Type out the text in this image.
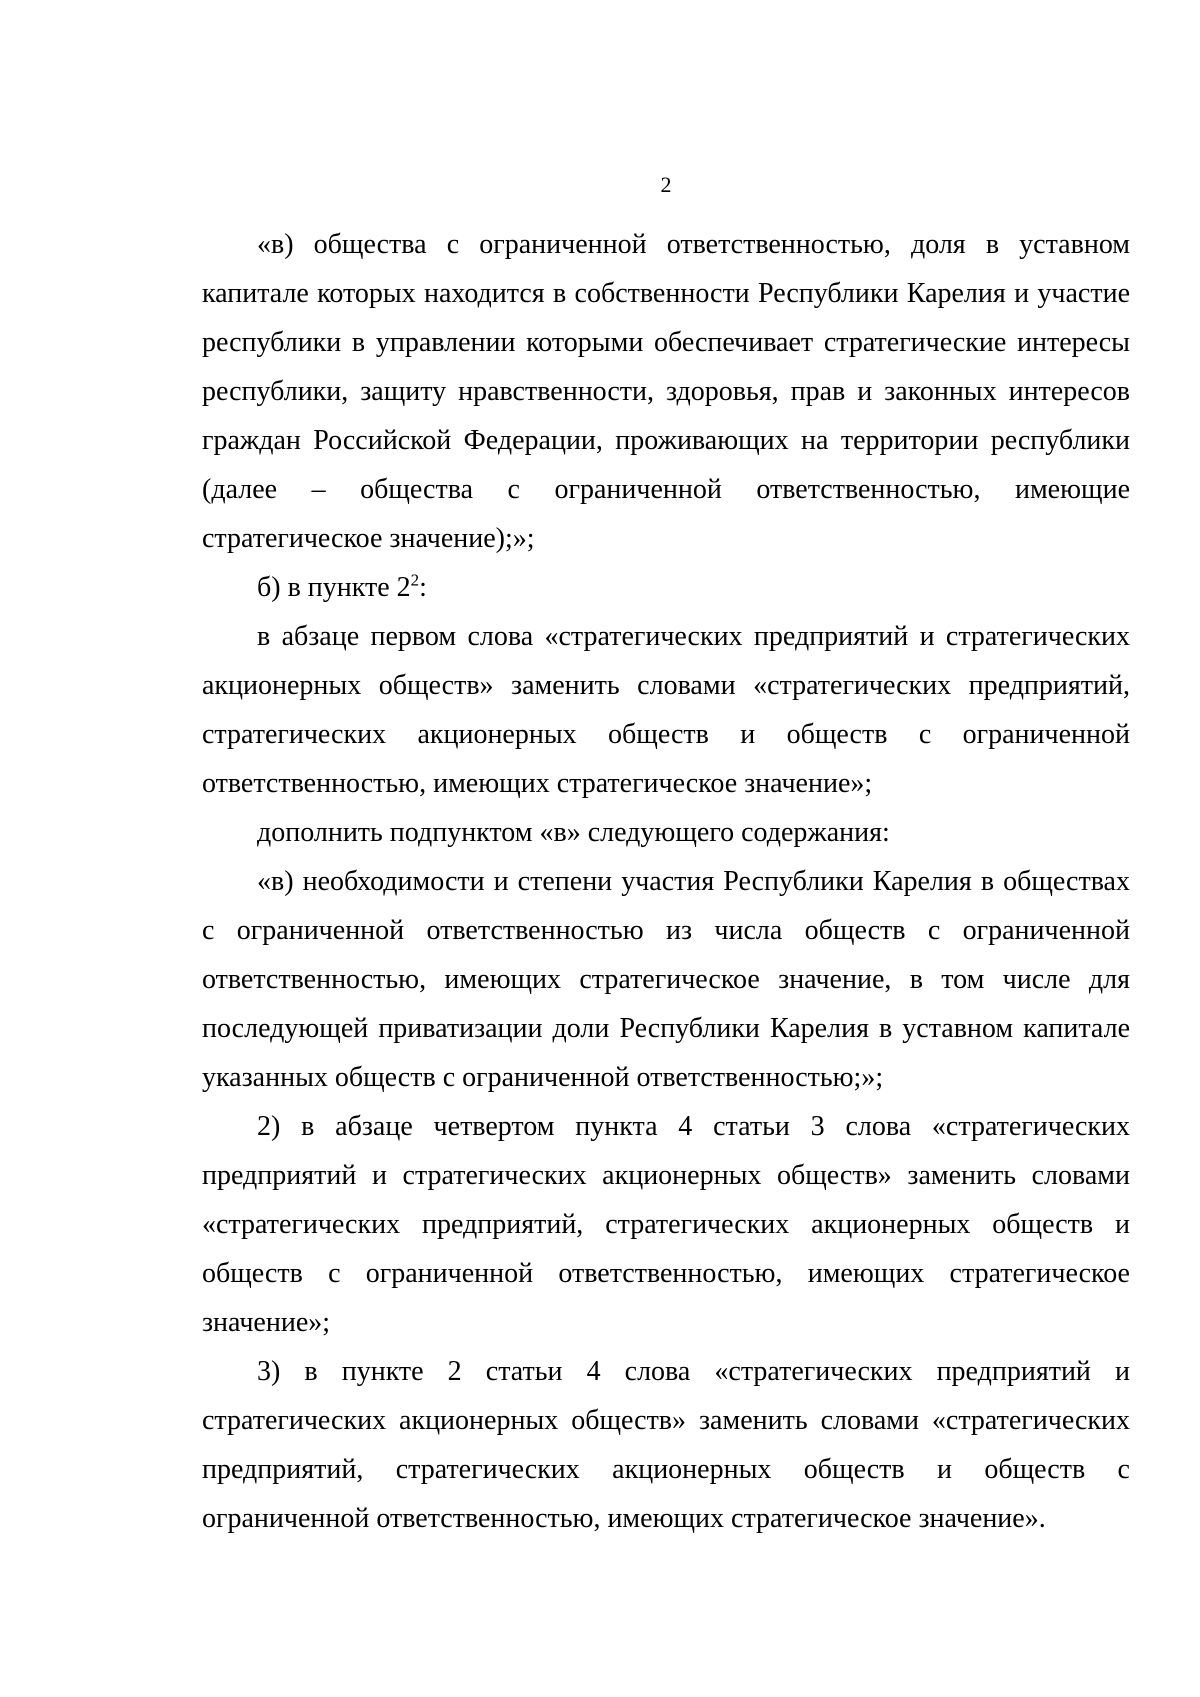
2

«в) общества с ограниченной ответственностью, доля в уставном капитале которых находится в собственности Республики Карелия и участие республики в управлении которыми обеспечивает стратегические интересы республики, защиту нравственности, здоровья, прав и законных интересов граждан Российской Федерации, проживающих на территории республики (далее – общества с ограниченной ответственностью, имеющие стратегическое значение);»;

б) в пункте $2^2$:

в абзаце первом слова «стратегических предприятий и стратегических акционерных обществ» заменить словами «стратегических предприятий, стратегических акционерных обществ и обществ с ограниченной ответственностью, имеющих стратегическое значение»;

дополнить подпунктом «в» следующего содержания:

«в) необходимости и степени участия Республики Карелия в обществах с ограниченной ответственностью из числа обществ с ограниченной ответственностью, имеющих стратегическое значение, в том числе для последующей приватизации доли Республики Карелия в уставном капитале указанных обществ с ограниченной ответственностью;»;

2) в абзаце четвертом пункта 4 статьи 3 слова «стратегических предприятий и стратегических акционерных обществ» заменить словами «стратегических предприятий, стратегических акционерных обществ и обществ с ограниченной ответственностью, имеющих стратегическое значение»;

3) в пункте 2 статьи 4 слова «стратегических предприятий и стратегических акционерных обществ» заменить словами «стратегических предприятий, стратегических акционерных обществ и обществ с ограниченной ответственностью, имеющих стратегическое значение».
